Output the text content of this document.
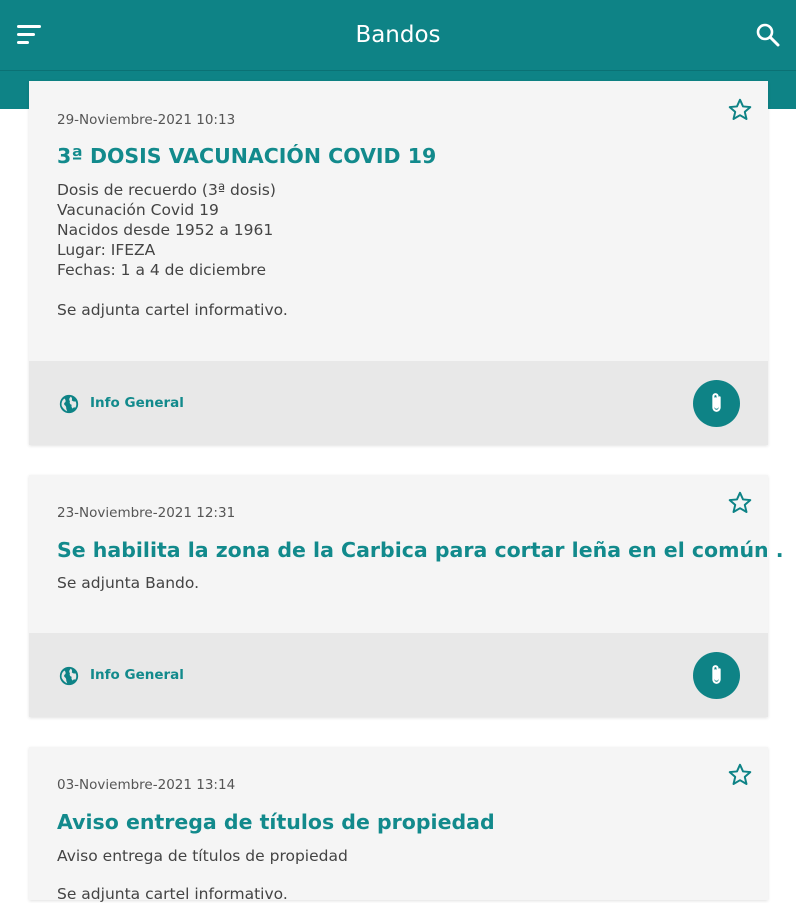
Bandos
29-Noviembre-2021 10:13
3ª DOSIS VACUNACIÓN COVID 19
Dosis de recuerdo (3ª dosis)
Vacunación Covid 19
Nacidos desde 1952 a 1961
Lugar: IFEZA
Fechas: 1 a 4 de diciembre
Se adjunta cartel informativo.
Info General
23-Noviembre-2021 12:31
Se habilita la zona de la Carbica para cortar leña en el común .
Se adjunta Bando.
Info General
03-Noviembre-2021 13:14
Aviso entrega de títulos de propiedad
Aviso entrega de títulos de propiedad
Se adjunta cartel informativo.
